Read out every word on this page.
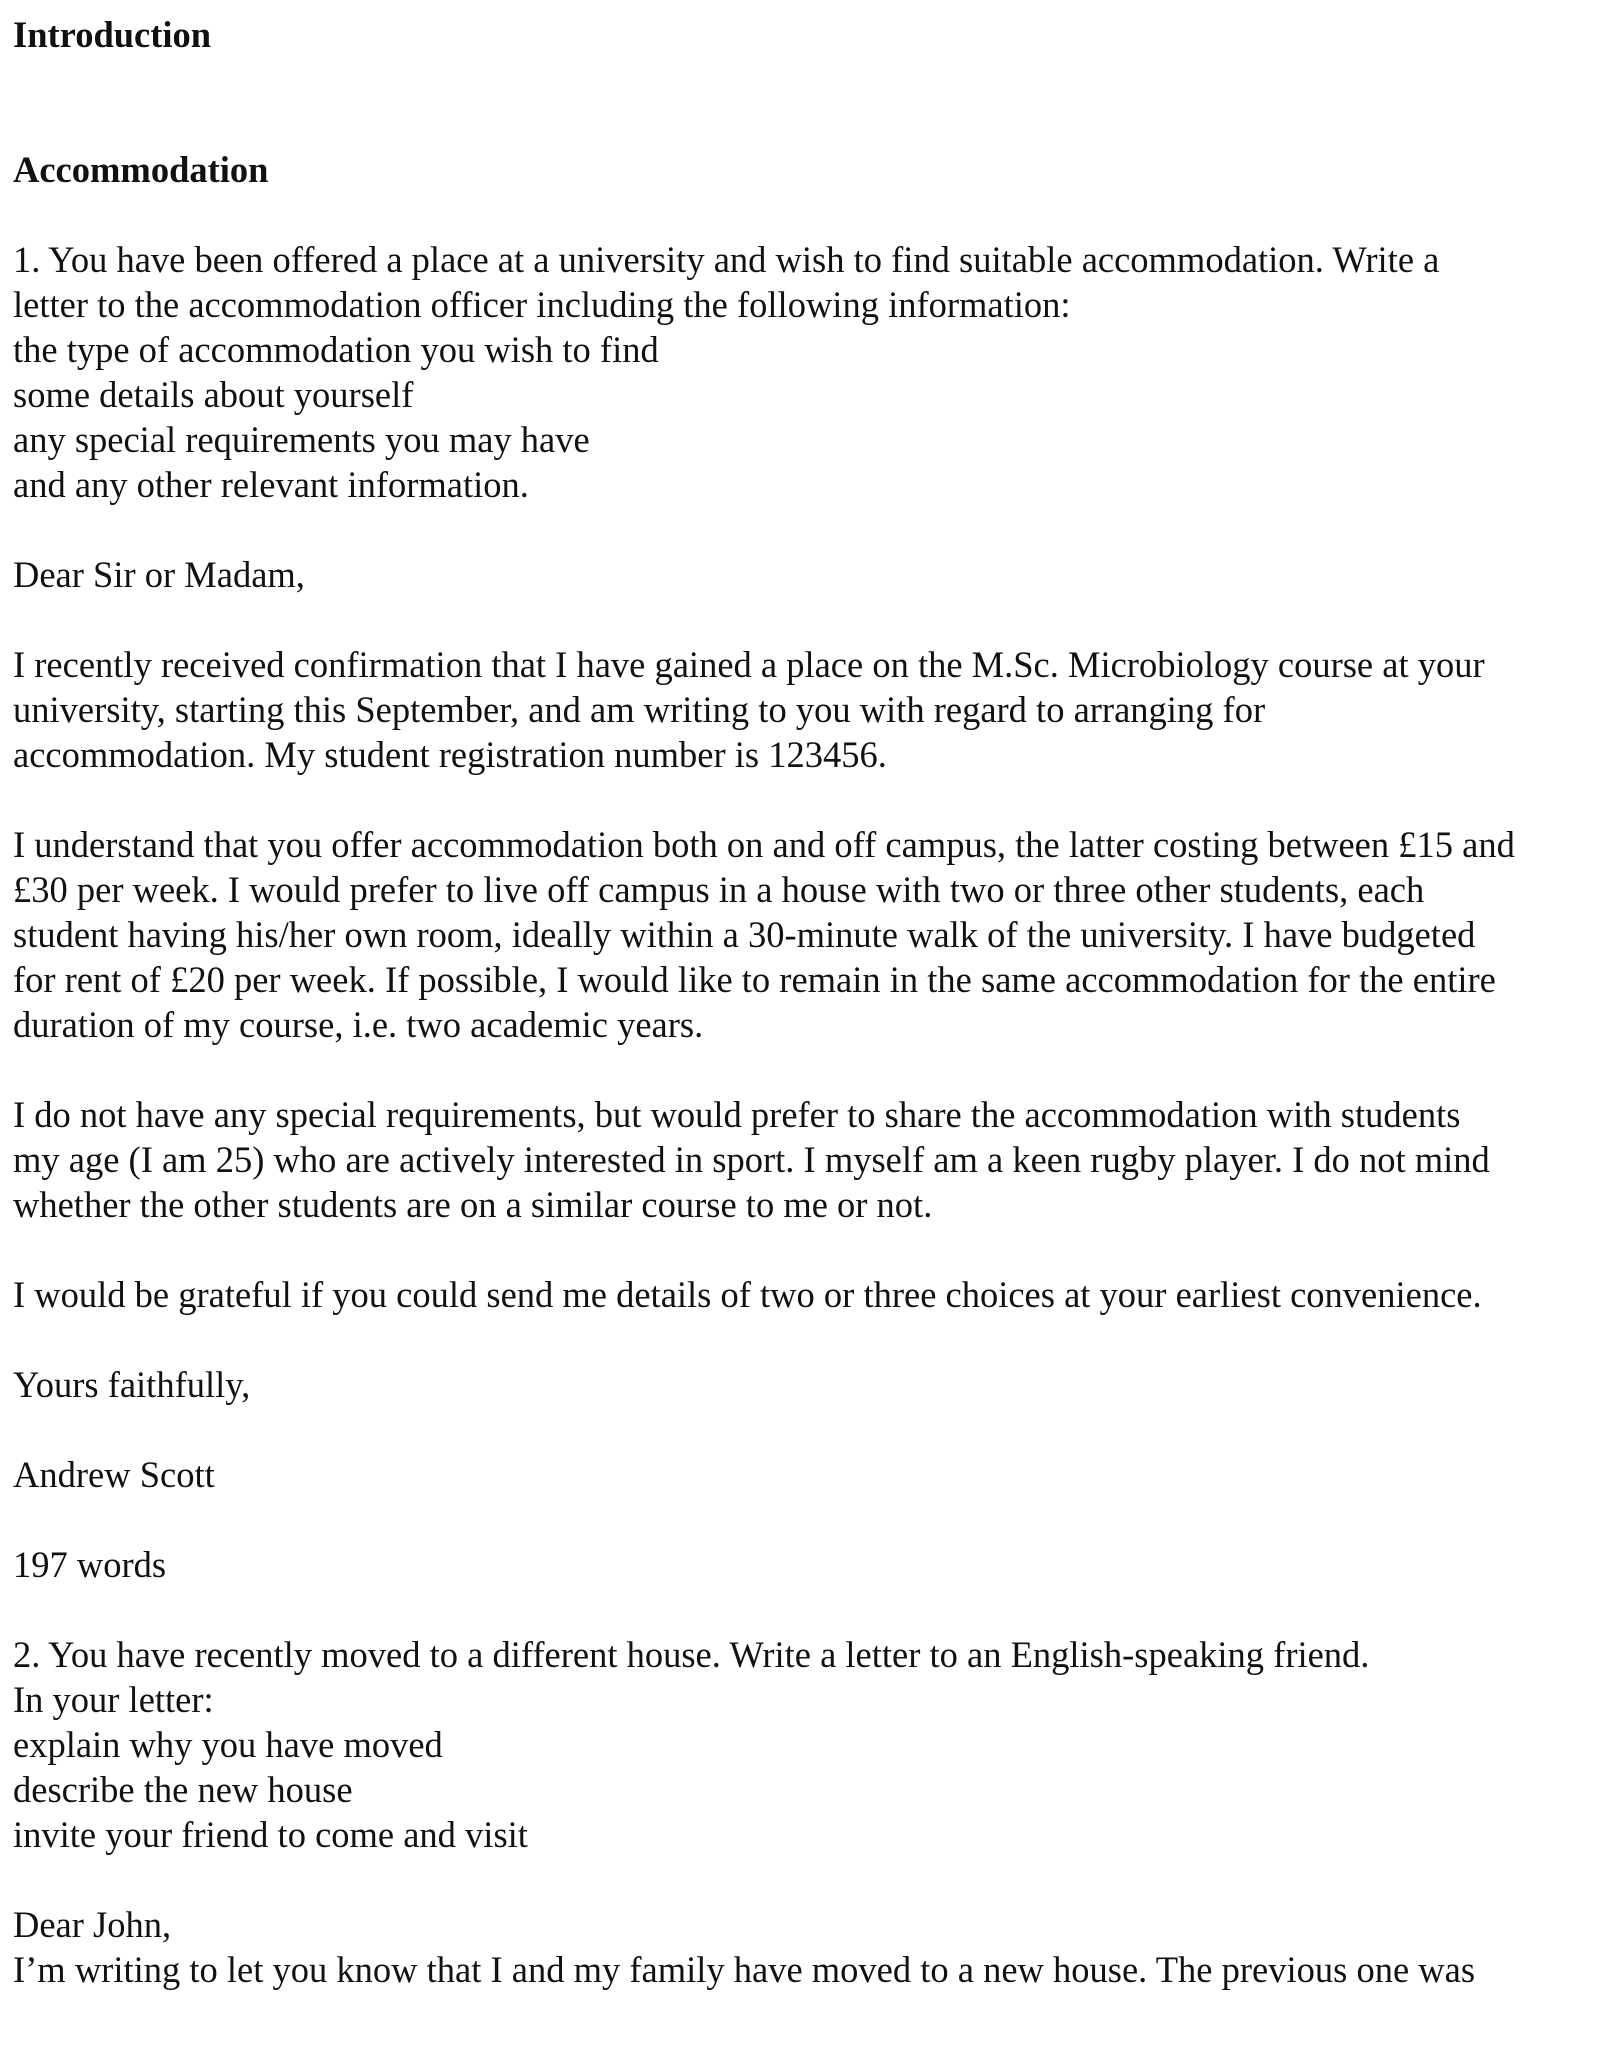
Introduction
Accommodation
1. You have been offered a place at a university and wish to find suitable accommodation. Write a
letter to the accommodation officer including the following information:
the type of accommodation you wish to find
some details about yourself
any special requirements you may have
and any other relevant information.
Dear Sir or Madam,
I recently received confirmation that I have gained a place on the M.Sc. Microbiology course at your
university, starting this September, and am writing to you with regard to arranging for
accommodation. My student registration number is 123456.
I understand that you offer accommodation both on and off campus, the latter costing between £15 and
£30 per week. I would prefer to live off campus in a house with two or three other students, each
student having his/her own room, ideally within a 30-minute walk of the university. I have budgeted
for rent of £20 per week. If possible, I would like to remain in the same accommodation for the entire
duration of my course, i.e. two academic years.
I do not have any special requirements, but would prefer to share the accommodation with students
my age (I am 25) who are actively interested in sport. I myself am a keen rugby player. I do not mind
whether the other students are on a similar course to me or not.
I would be grateful if you could send me details of two or three choices at your earliest convenience.
Yours faithfully,
Andrew Scott
197 words
2. You have recently moved to a different house. Write a letter to an English-speaking friend.
In your letter:
explain why you have moved
describe the new house
invite your friend to come and visit
Dear John,
I’m writing to let you know that I and my family have moved to a new house. The previous one was
